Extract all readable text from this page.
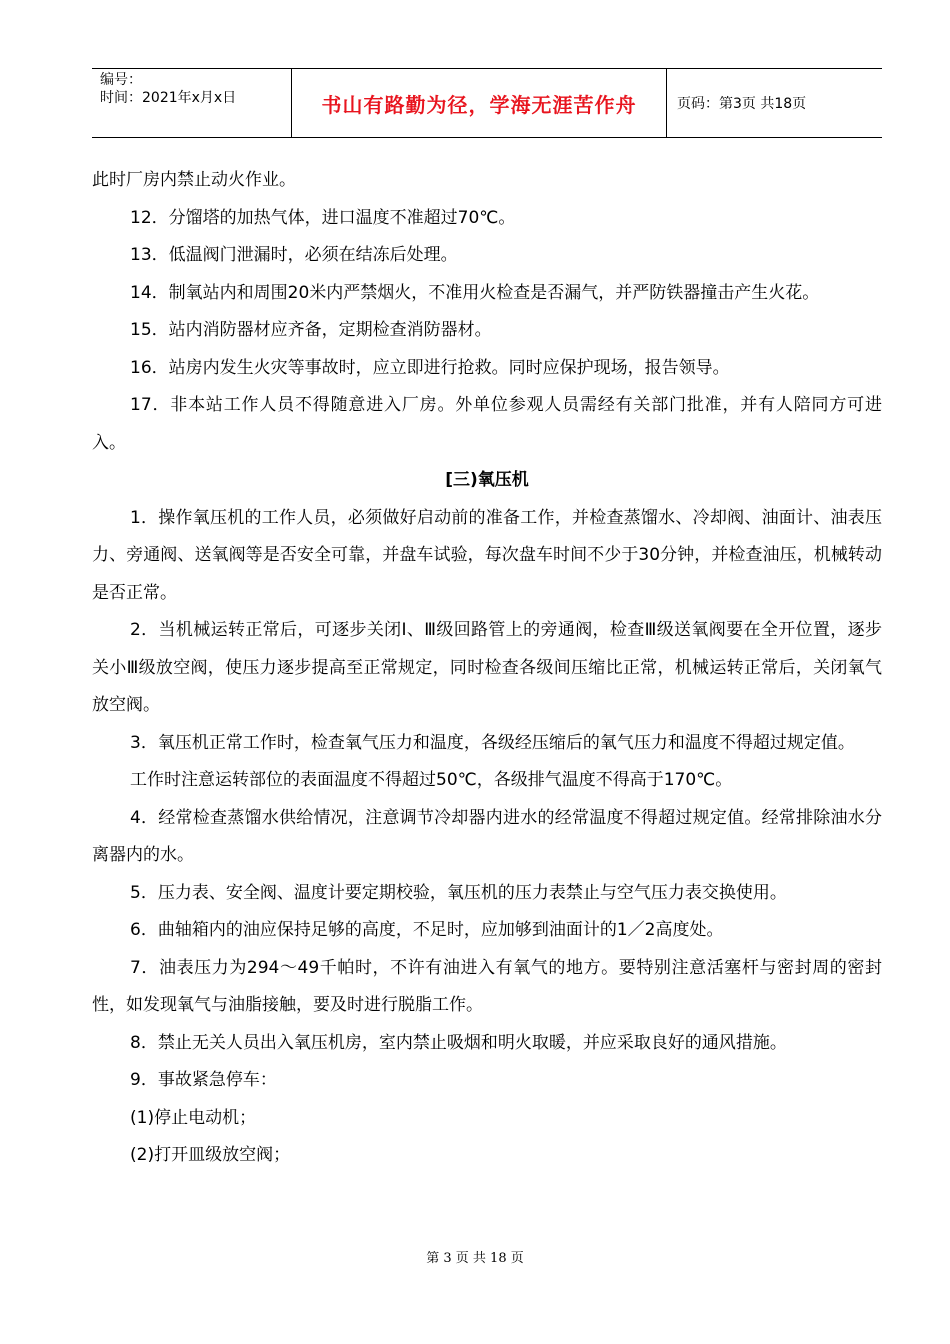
编号：
时间：2021年x月x日	书山有路勤为径，学海无涯苦作舟	页码：第3页 共18页

此时厂房内禁止动火作业。

12．分馏塔的加热气体，进口温度不准超过70℃。

13．低温阀门泄漏时，必须在结冻后处理。

14．制氧站内和周围20米内严禁烟火，不准用火检查是否漏气，并严防铁器撞击产生火花。

15．站内消防器材应齐备，定期检查消防器材。

16．站房内发生火灾等事故时，应立即进行抢救。同时应保护现场，报告领导。

17．非本站工作人员不得随意进入厂房。外单位参观人员需经有关部门批准，并有人陪同方可进入。

[三)氧压机

1．操作氧压机的工作人员，必须做好启动前的准备工作，并检查蒸馏水、冷却阀、油面计、油表压力、旁通阀、送氧阀等是否安全可靠，并盘车试验，每次盘车时间不少于30分钟，并检查油压，机械转动是否正常。

2．当机械运转正常后，可逐步关闭Ⅰ、Ⅲ级回路管上的旁通阀，检查Ⅲ级送氧阀要在全开位置，逐步关小Ⅲ级放空阀，使压力逐步提高至正常规定，同时检查各级间压缩比正常，机械运转正常后，关闭氧气放空阀。

3．氧压机正常工作时，检查氧气压力和温度，各级经压缩后的氧气压力和温度不得超过规定值。

工作时注意运转部位的表面温度不得超过50℃，各级排气温度不得高于170℃。

4．经常检查蒸馏水供给情况，注意调节冷却器内进水的经常温度不得超过规定值。经常排除油水分离器内的水。

5．压力表、安全阀、温度计要定期校验，氧压机的压力表禁止与空气压力表交换使用。

6．曲轴箱内的油应保持足够的高度，不足时，应加够到油面计的1／2高度处。

7．油表压力为294～49千帕时，不许有油进入有氧气的地方。要特别注意活塞杆与密封周的密封性，如发现氧气与油脂接触，要及时进行脱脂工作。

8．禁止无关人员出入氧压机房，室内禁止吸烟和明火取暖，并应采取良好的通风措施。

9．事故紧急停车：

(1)停止电动机；

(2)打开皿级放空阀；

第 3 页 共 18 页
